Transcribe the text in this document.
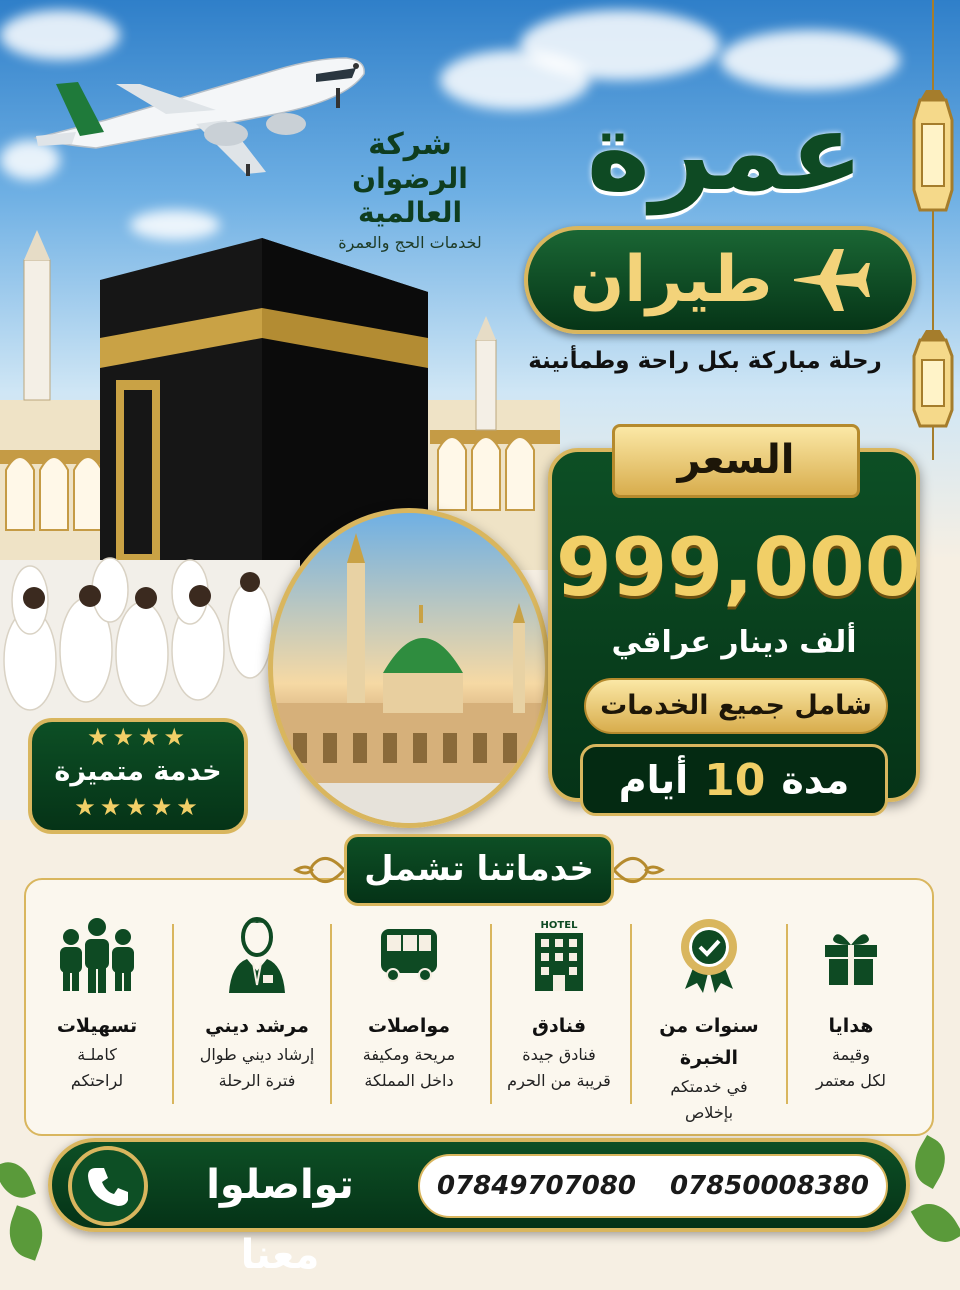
شركة
الرضوان العالمية
لخدمات الحج والعمرة
عمرة
طيران
رحلة مباركة بكل راحة وطمأنينة
★★★★
خدمة متميزة
★★★★★
السعر
999,000
ألف دينار عراقي
شامل جميع الخدمات
مدة
10
أيام
خدماتنا تشمل
هدايا
وقيمة
لكل معتمر
سنوات من الخبرة
في خدمتكم
بإخلاص
HOTEL
فنادق
فنادق جيدة
قريبة من الحرم
مواصلات
مريحة ومكيفة
داخل المملكة
مرشد ديني
إرشاد ديني طوال
فترة الرحلة
تسهيلات
كاملـة
لراحتكم
تواصلوا معنا
07849707080 07850008380
